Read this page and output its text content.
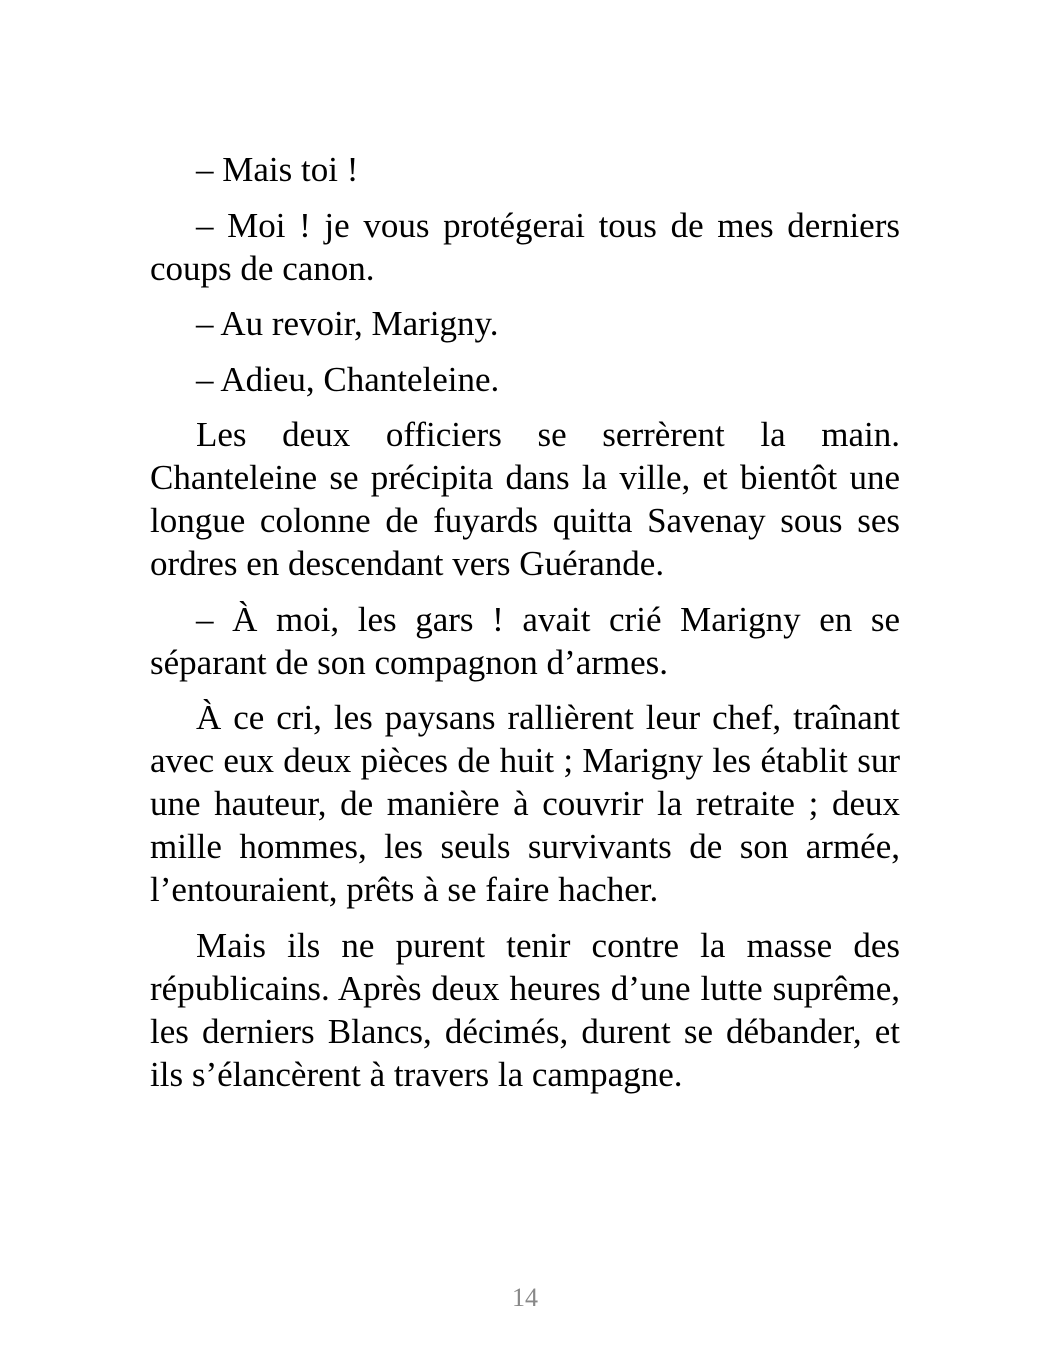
– Mais toi !

– Moi ! je vous protégerai tous de mes derniers coups de canon.

– Au revoir, Marigny.

– Adieu, Chanteleine.

Les deux officiers se serrèrent la main. Chanteleine se précipita dans la ville, et bientôt une longue colonne de fuyards quitta Savenay sous ses ordres en descendant vers Guérande.

– À moi, les gars ! avait crié Marigny en se séparant de son compagnon d’armes.

À ce cri, les paysans rallièrent leur chef, traînant avec eux deux pièces de huit ; Marigny les établit sur une hauteur, de manière à couvrir la retraite ; deux mille hommes, les seuls survivants de son armée, l’entouraient, prêts à se faire hacher.

Mais ils ne purent tenir contre la masse des républicains. Après deux heures d’une lutte suprême, les derniers Blancs, décimés, durent se débander, et ils s’élancèrent à travers la campagne.

14
